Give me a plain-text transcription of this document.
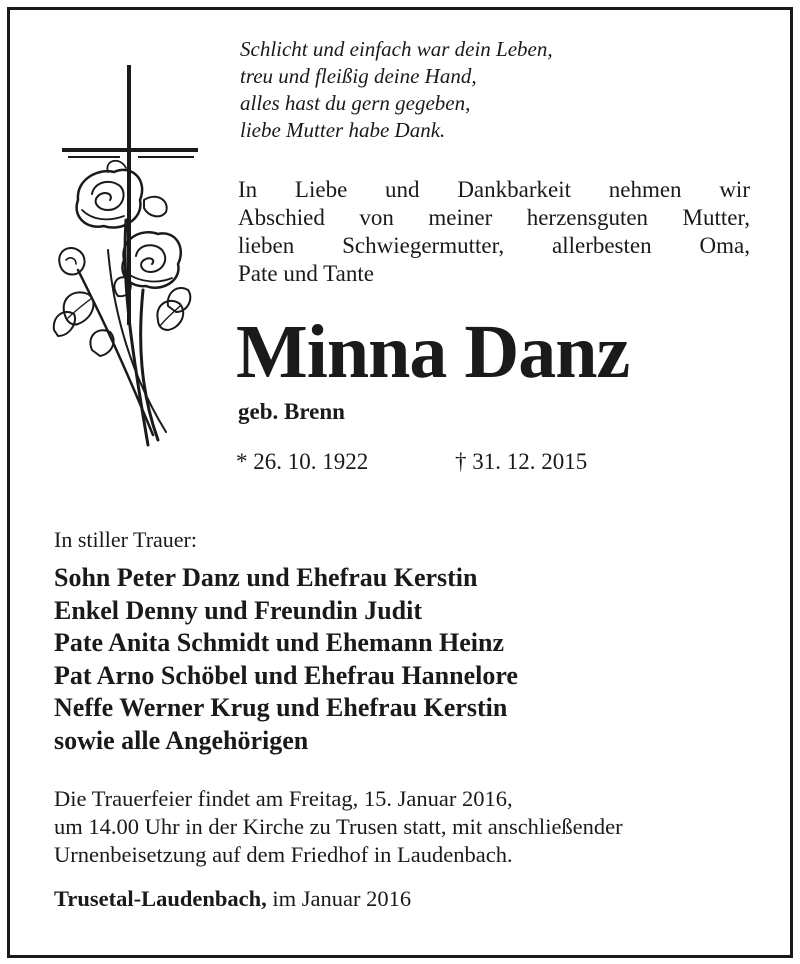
Schlicht und einfach war dein Leben,
treu und fleißig deine Hand,
alles hast du gern gegeben,
liebe Mutter habe Dank.
In Liebe und Dankbarkeit nehmen wir
Abschied von meiner herzensguten Mutter,
lieben Schwiegermutter, allerbesten Oma,
Pate und Tante
Minna Danz
geb. Brenn
* 26. 10. 1922	† 31. 12. 2015
In stiller Trauer:
Sohn Peter Danz und Ehefrau Kerstin
Enkel Denny und Freundin Judit
Pate Anita Schmidt und Ehemann Heinz
Pat Arno Schöbel und Ehefrau Hannelore
Neffe Werner Krug und Ehefrau Kerstin
sowie alle Angehörigen
Die Trauerfeier findet am Freitag, 15. Januar 2016,
um 14.00 Uhr in der Kirche zu Trusen statt, mit anschließender
Urnenbeisetzung auf dem Friedhof in Laudenbach.
Trusetal-Laudenbach, im Januar 2016
